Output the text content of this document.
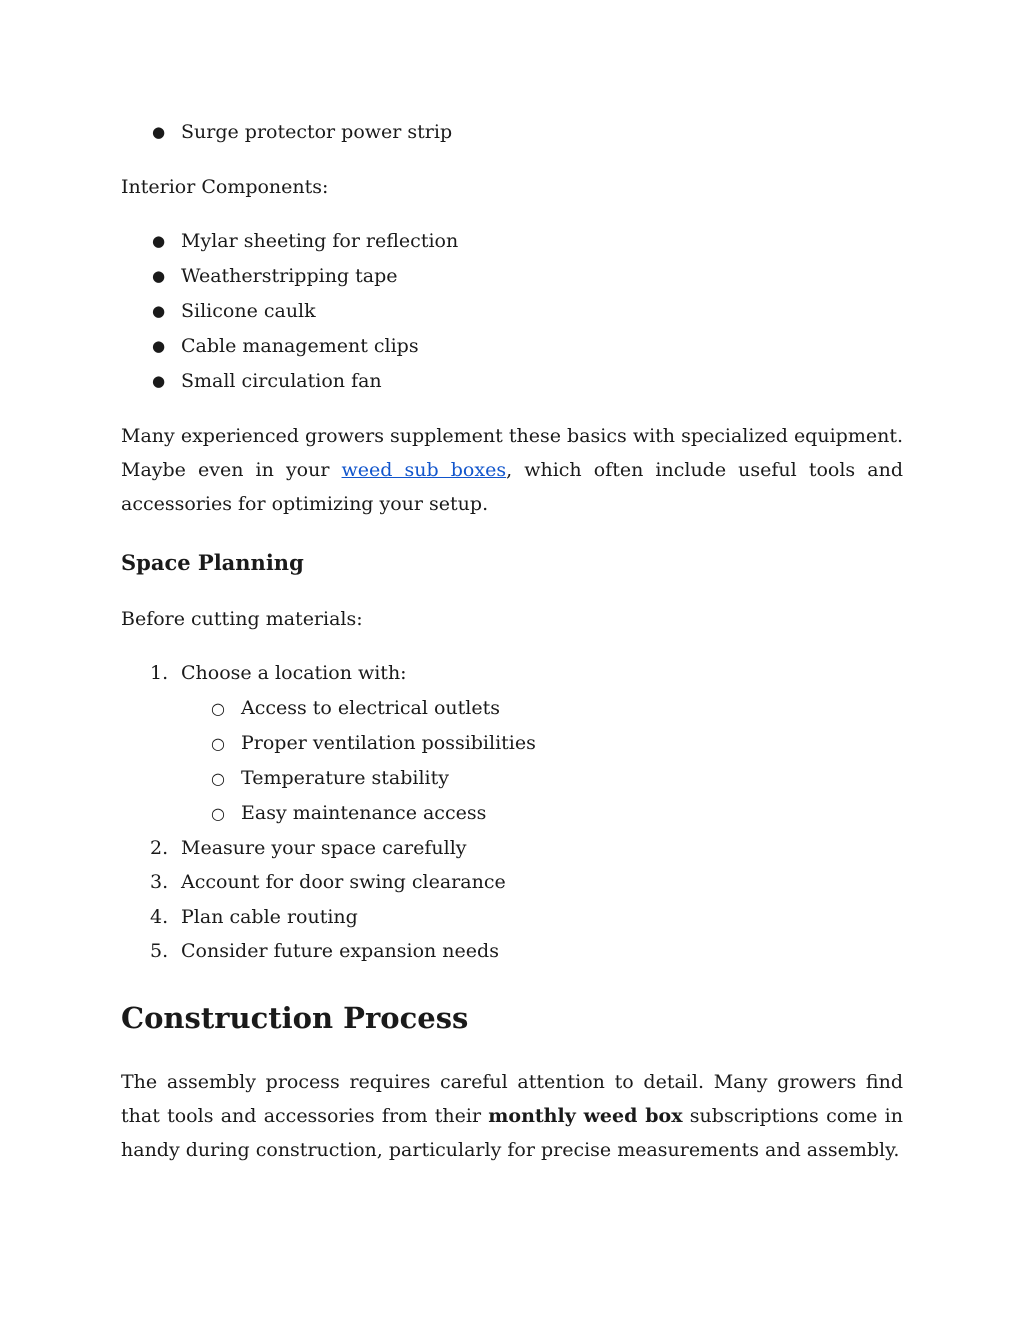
● Surge protector power strip

Interior Components:

● Mylar sheeting for reflection
● Weatherstripping tape
● Silicone caulk
● Cable management clips
● Small circulation fan

Many experienced growers supplement these basics with specialized equipment. Maybe even in your weed sub boxes, which often include useful tools and accessories for optimizing your setup.

Space Planning

Before cutting materials:

1. Choose a location with:
○ Access to electrical outlets
○ Proper ventilation possibilities
○ Temperature stability
○ Easy maintenance access
2. Measure your space carefully
3. Account for door swing clearance
4. Plan cable routing
5. Consider future expansion needs
Construction Process

The assembly process requires careful attention to detail. Many growers find that tools and accessories from their monthly weed box subscriptions come in handy during construction, particularly for precise measurements and assembly.
